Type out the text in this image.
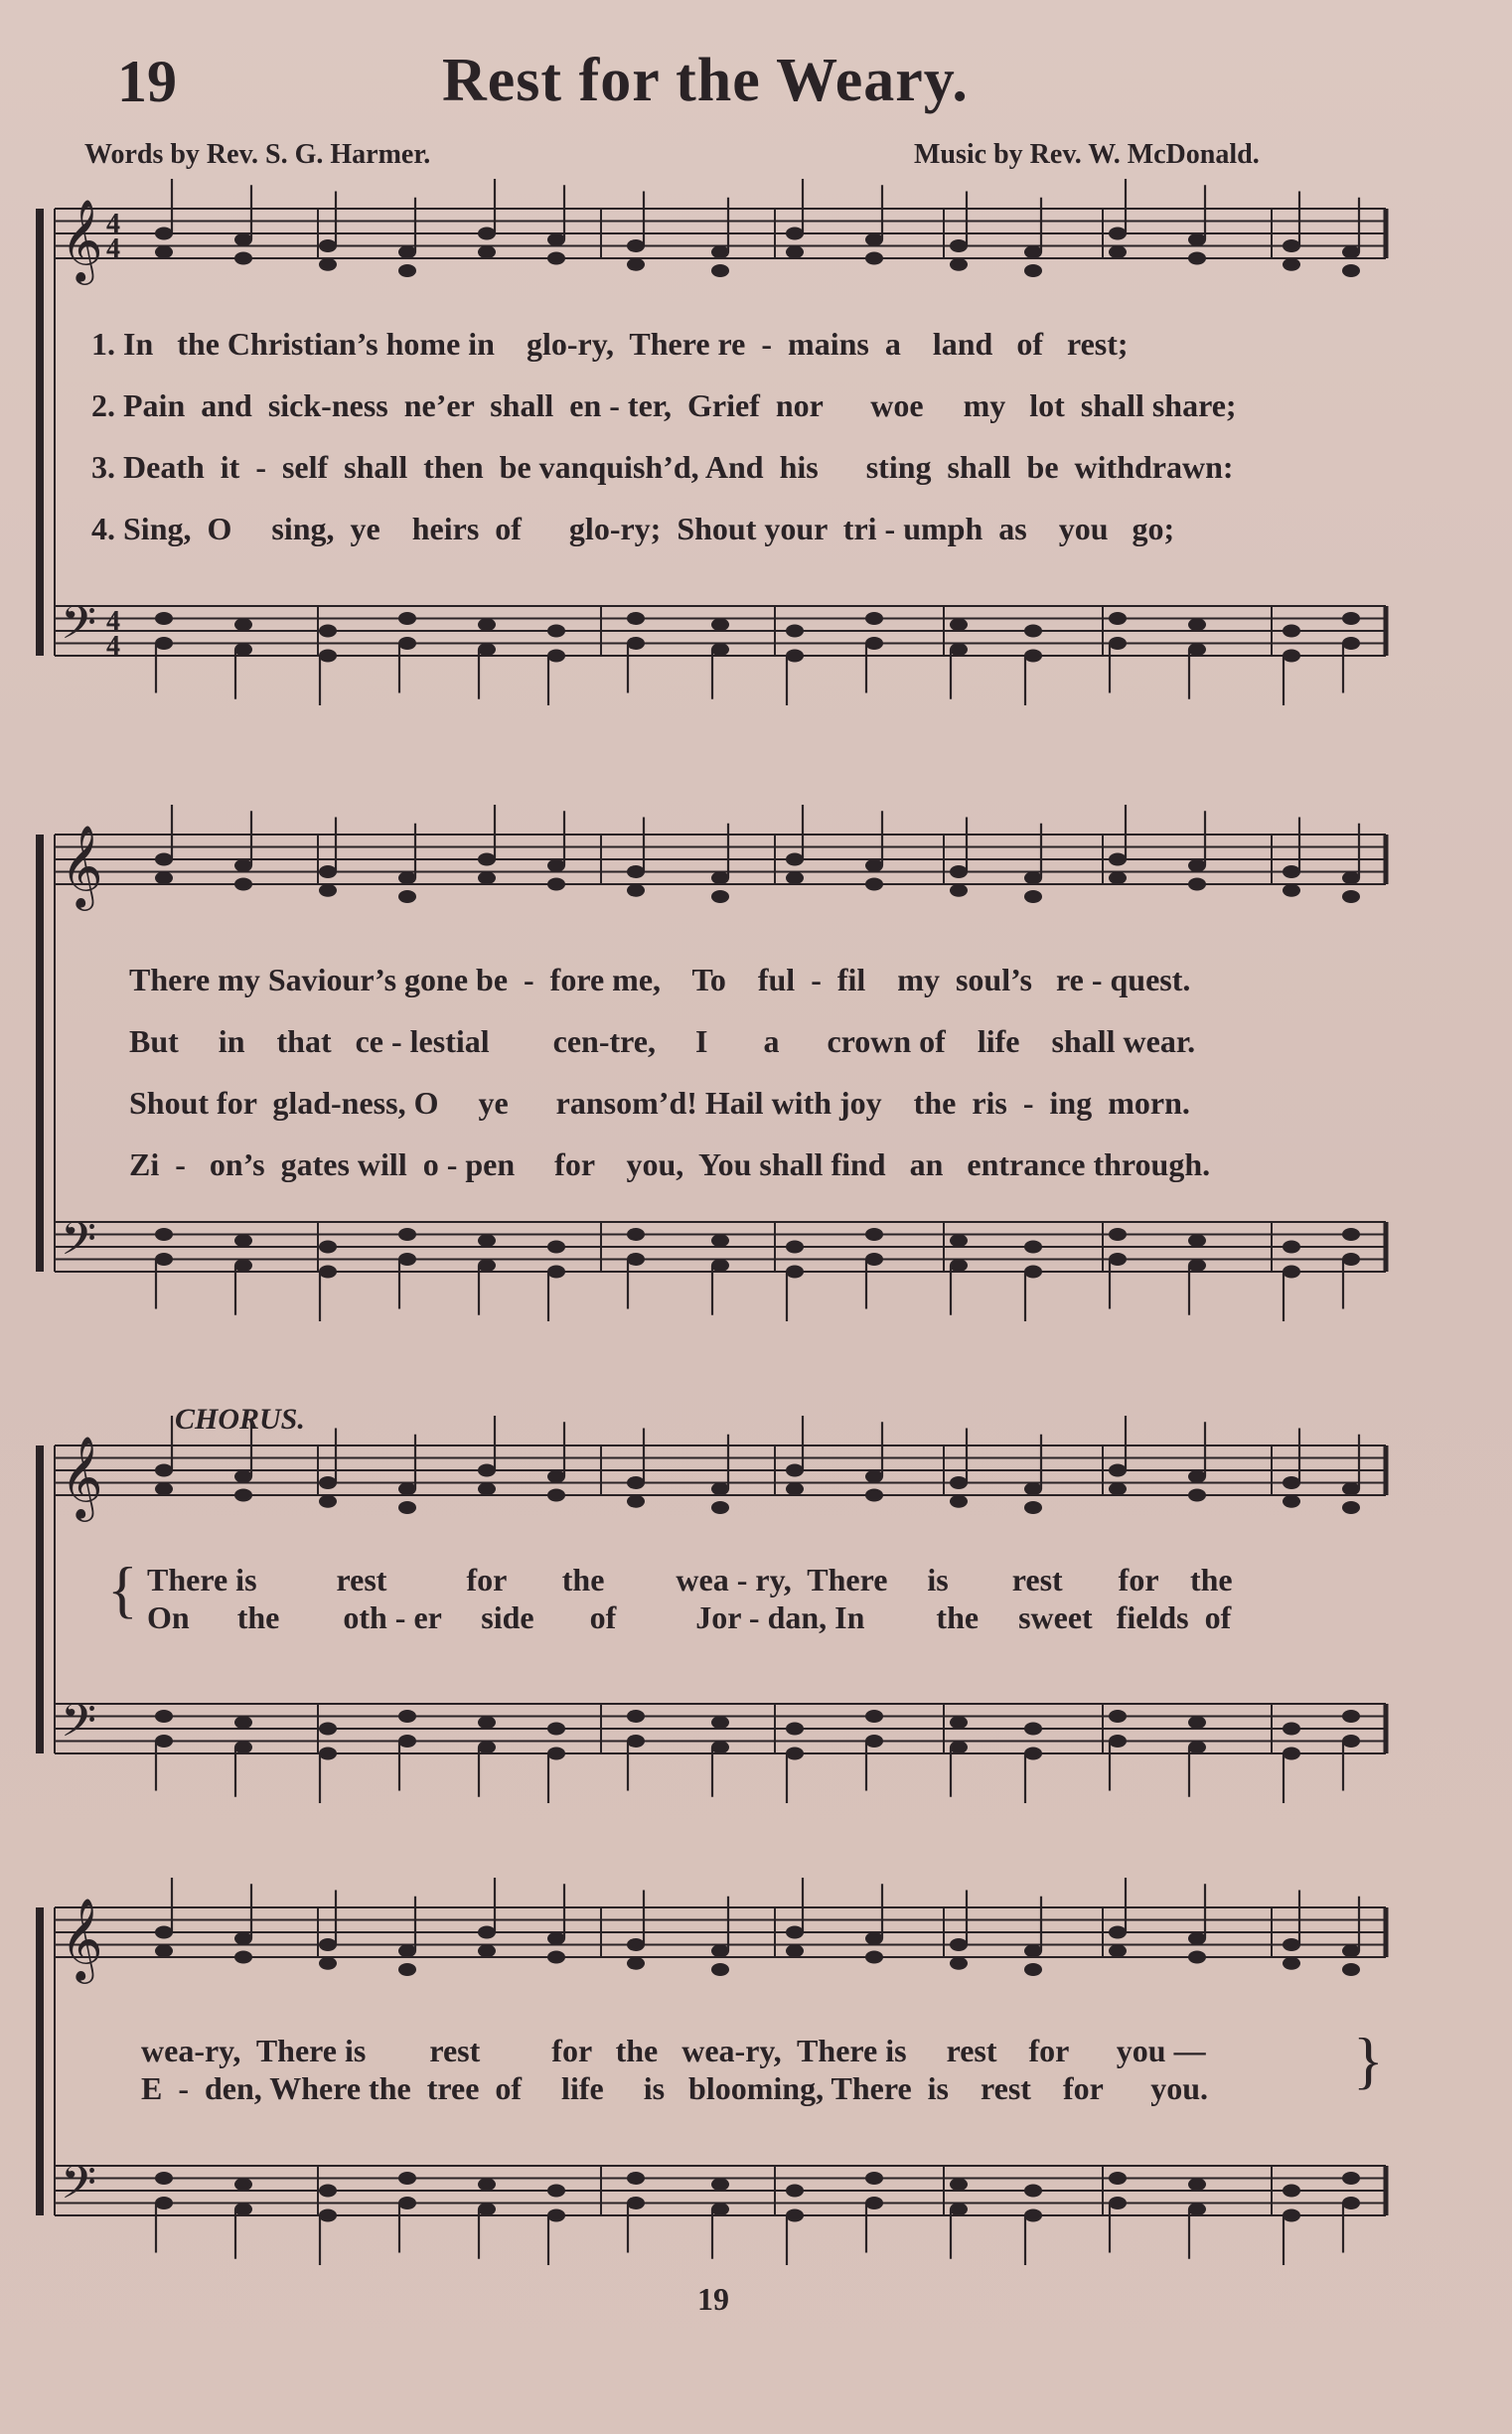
19	Rest for the Weary.
Words by Rev. S. G. Harmer.	Music by Rev. W. McDonald.
𝄞
𝄢
4
4
4
4
1. In   the Christian’s home in    glo-ry,  There re  -  mains  a    land   of   rest;
2. Pain  and  sick-ness  ne’er  shall  en - ter,  Grief  nor      woe     my   lot  shall share;
3. Death  it  -  self  shall  then  be vanquish’d, And  his      sting  shall  be  withdrawn:
4. Sing,  O     sing,  ye    heirs  of      glo-ry;  Shout your  tri - umph  as    you   go;
𝄞
𝄢
There my Saviour’s gone be  -  fore me,    To    ful  -  fil    my  soul’s   re - quest.
But     in    that   ce - lestial        cen-tre,     I       a      crown of    life    shall wear.
Shout for  glad-ness, O     ye      ransom’d! Hail with joy    the  ris  -  ing  morn.
Zi  -   on’s  gates will  o - pen     for    you,  You shall find   an   entrance through.
CHORUS.
𝄞
𝄢
{ There is          rest          for       the         wea - ry,  There     is        rest       for    the
On      the        oth - er     side       of          Jor - dan, In         the     sweet   fields  of
𝄞
𝄢
wea-ry,  There is        rest         for   the   wea-ry,  There is     rest    for      you —
E  -  den, Where the  tree  of     life     is   blooming, There  is    rest    for      you. }
19
